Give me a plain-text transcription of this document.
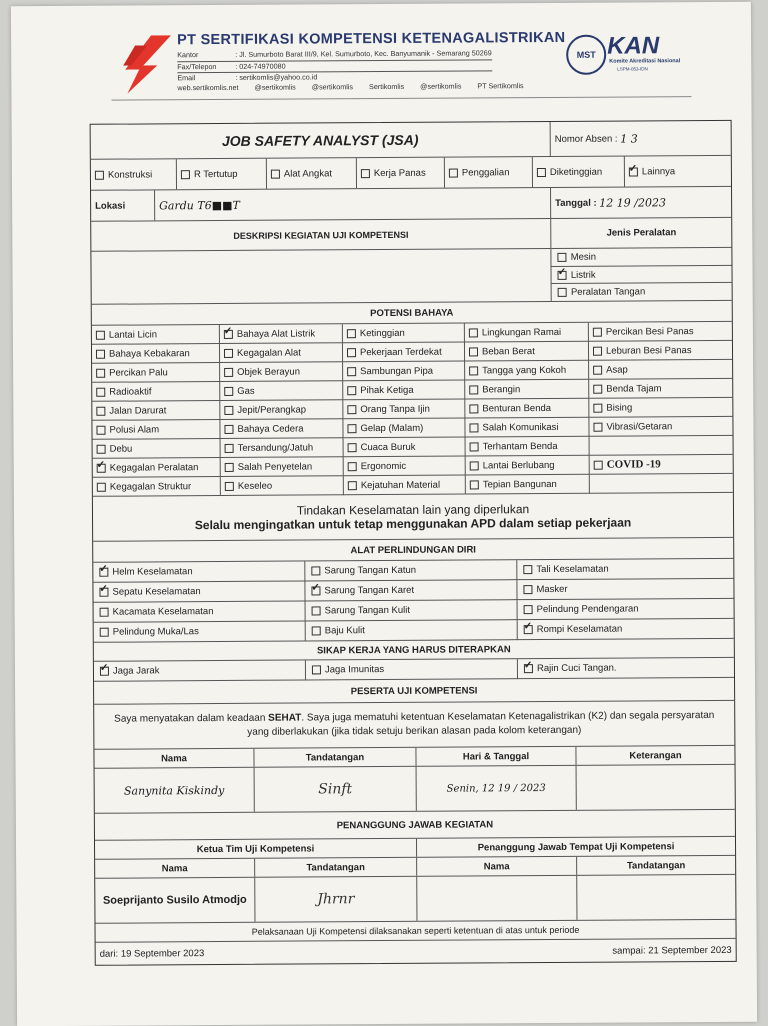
PT SERTIFIKASI KOMPETENSI KETENAGALISTRIKAN
Kantor	: Jl. Sumurboto Barat III/9, Kel. Sumurboto, Kec. Banyumanik - Semarang 50269
Fax/Telepon	: 024-74970080
Email	: sertikomlis@yahoo.co.id
web.sertikomlis.net @sertikomlis @sertikomlis Sertikomlis @sertikomlis PT Sertikomlis
MST KAN
Komite Akreditasi Nasional
LSPM-053-IDN
JOB SAFETY ANALYST (JSA)	Nomor Absen :
1 3
Konstruksi	R Tertutup	Alat Angkat	Kerja Panas	Penggalian	Diketinggian ✓	Lainnya
Lokasi	Gardu T6■■T	Tanggal :
12 19 /2023
DESKRIPSI KEGIATAN UJI KOMPETENSI	Jenis Peralatan
Mesin
✓
Listrik
Peralatan Tangan
POTENSI BAHAYA
Lantai Licin ✓	Bahaya Alat Listrik	Ketinggian	Lingkungan Ramai	Percikan Besi Panas
Bahaya Kebakaran	Kegagalan Alat	Pekerjaan Terdekat	Beban Berat	Leburan Besi Panas
Percikan Palu	Objek Berayun	Sambungan Pipa	Tangga yang Kokoh	Asap
Radioaktif	Gas	Pihak Ketiga	Berangin	Benda Tajam
Jalan Darurat	Jepit/Perangkap	Orang Tanpa Ijin	Benturan Benda	Bising
Polusi Alam	Bahaya Cedera	Gelap (Malam)	Salah Komunikasi	Vibrasi/Getaran
Debu	Tersandung/Jatuh	Cuaca Buruk	Terhantam Benda
✓
Kegagalan Peralatan	Salah Penyetelan	Ergonomic	Lantai Berlubang	COVID -19
Kegagalan Struktur	Keseleo	Kejatuhan Material	Tepian Bangunan
Tindakan Keselamatan lain yang diperlukan
Selalu mengingatkan untuk tetap menggunakan APD dalam setiap pekerjaan
ALAT PERLINDUNGAN DIRI
✓
Helm Keselamatan	Sarung Tangan Katun	Tali Keselamatan
✓
Sepatu Keselamatan ✓	Sarung Tangan Karet	Masker
Kacamata Keselamatan	Sarung Tangan Kulit	Pelindung Pendengaran
Pelindung Muka/Las	Baju Kulit ✓	Rompi Keselamatan
SIKAP KERJA YANG HARUS DITERAPKAN
✓
Jaga Jarak	Jaga Imunitas ✓	Rajin Cuci Tangan.
PESERTA UJI KOMPETENSI
Saya menyatakan dalam keadaan SEHAT. Saya juga mematuhi ketentuan Keselamatan Ketenagalistrikan (K2) dan segala persyaratan yang diberlakukan (jika tidak setuju berikan alasan pada kolom keterangan)
Nama	Tandatangan	Hari & Tanggal	Keterangan
Sanynita Kiskindy	Sinft	Senin, 12 19 / 2023
PENANGGUNG JAWAB KEGIATAN
Ketua Tim Uji Kompetensi	Penanggung Jawab Tempat Uji Kompetensi
Nama	Tandatangan	Nama	Tandatangan
Soeprijanto Susilo Atmodjo	Jhrnr
Pelaksanaan Uji Kompetensi dilaksanakan seperti ketentuan di atas untuk periode
dari: 19 September 2023	sampai: 21 September 2023
